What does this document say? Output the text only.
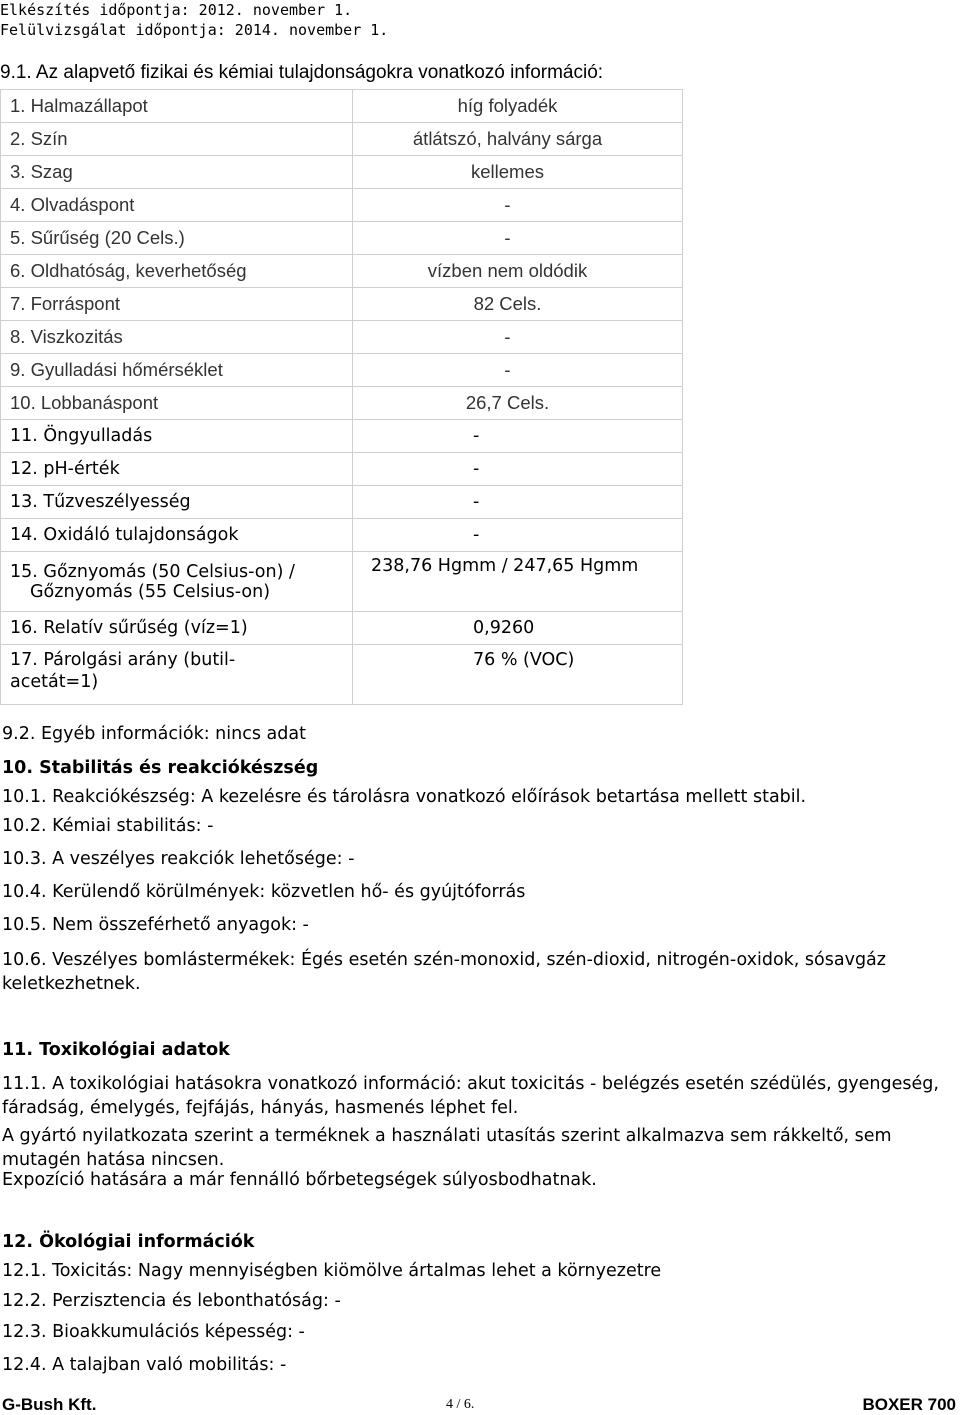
Elkészítés időpontja: 2012. november 1.
Felülvizsgálat időpontja: 2014. november 1.
9.1. Az alapvető fizikai és kémiai tulajdonságokra vonatkozó információ:
1. Halmazállapot	híg folyadék
2. Szín	átlátszó, halvány sárga
3. Szag	kellemes
4. Olvadáspont	-
5. Sűrűség (20 Cels.)	-
6. Oldhatóság, keverhetőség	vízben nem oldódik
7. Forráspont	82 Cels.
8. Viszkozitás	-
9. Gyulladási hőmérséklet	-
10. Lobbanáspont	26,7 Cels.
11. Öngyulladás	-
12. pH-érték	-
13. Tűzveszélyesség	-
14. Oxidáló tulajdonságok	-
15. Gőznyomás (50 Celsius-on) /
Gőznyomás (55 Celsius-on)	238,76 Hgmm / 247,65 Hgmm
16. Relatív sűrűség (víz=1)	0,9260
17. Párolgási arány (butil-
acetát=1)	76 % (VOC)
9.2. Egyéb információk: nincs adat
10. Stabilitás és reakciókészség
10.1. Reakciókészség: A kezelésre és tárolásra vonatkozó előírások betartása mellett stabil.
10.2. Kémiai stabilitás: -
10.3. A veszélyes reakciók lehetősége: -
10.4. Kerülendő körülmények: közvetlen hő- és gyújtóforrás
10.5. Nem összeférhető anyagok: -
10.6. Veszélyes bomlástermékek: Égés esetén szén-monoxid, szén-dioxid, nitrogén-oxidok, sósavgáz keletkezhetnek.
11. Toxikológiai adatok
11.1. A toxikológiai hatásokra vonatkozó információ: akut toxicitás - belégzés esetén szédülés, gyengeség, fáradság, émelygés, fejfájás, hányás, hasmenés léphet fel.
A gyártó nyilatkozata szerint a terméknek a használati utasítás szerint alkalmazva sem rákkeltő, sem mutagén hatása nincsen.
Expozíció hatására a már fennálló bőrbetegségek súlyosbodhatnak.
12. Ökológiai információk
12.1. Toxicitás: Nagy mennyiségben kiömölve ártalmas lehet a környezetre
12.2. Perzisztencia és lebonthatóság: -
12.3. Bioakkumulációs képesség: -
12.4. A talajban való mobilitás: -
G-Bush Kft.	4 / 6.	BOXER 700
